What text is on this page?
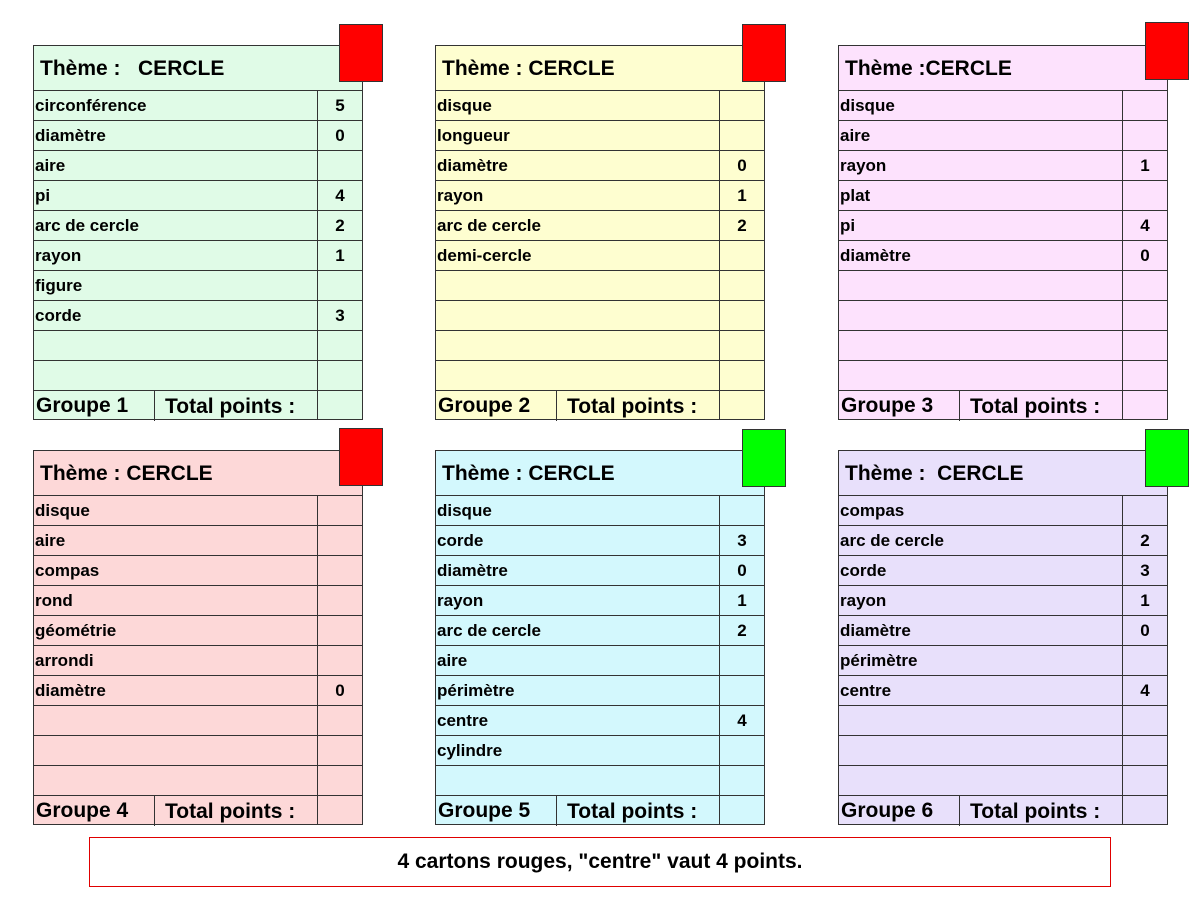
Thème :   CERCLE
circonférence	5
diamètre	0
aire
pi	4
arc de cercle	2
rayon	1
figure
corde	3
Groupe 1 Total points :
Thème : CERCLE
disque
longueur
diamètre	0
rayon	1
arc de cercle	2
demi-cercle
Groupe 2 Total points :
Thème :CERCLE
disque
aire
rayon	1
plat
pi	4
diamètre	0
Groupe 3 Total points :
Thème : CERCLE
disque
aire
compas
rond
géométrie
arrondi
diamètre	0
Groupe 4 Total points :
Thème : CERCLE
disque
corde	3
diamètre	0
rayon	1
arc de cercle	2
aire
périmètre
centre	4
cylindre
Groupe 5 Total points :
Thème :  CERCLE
compas
arc de cercle	2
corde	3
rayon	1
diamètre	0
périmètre
centre	4
Groupe 6 Total points :
4 cartons rouges, "centre" vaut 4 points.
